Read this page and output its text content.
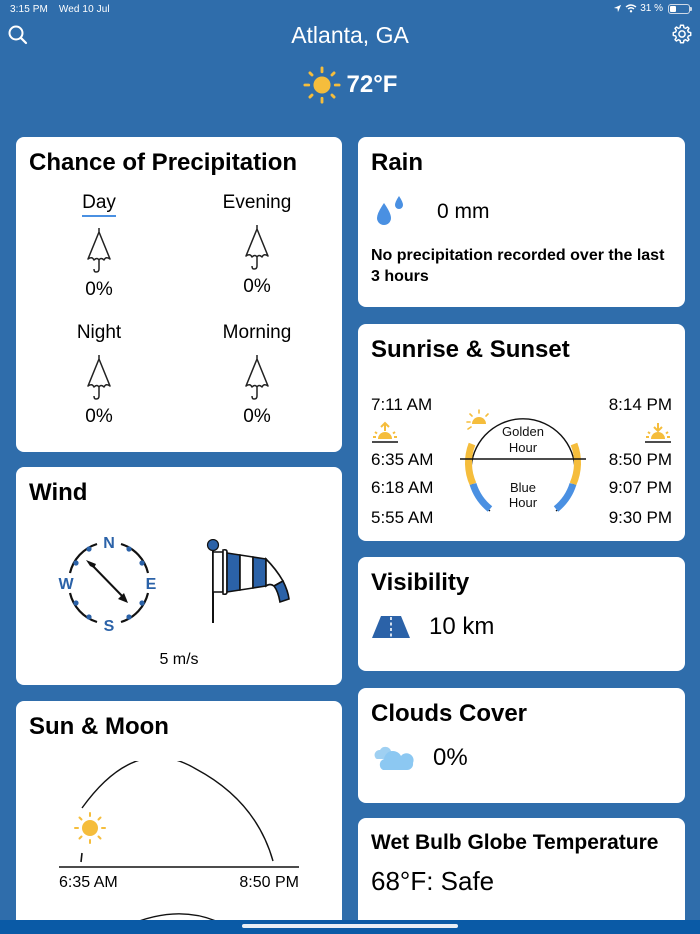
3:15 PM Wed 10 Jul	31 %
Atlanta, GA
72°F
Chance of Precipitation
Day
0%
Evening
0%
Night
0%
Morning
0%
Wind
N
E
S
W
5 m/s
Sun & Moon
6:35 AM	8:50 PM
Rain
0 mm
No precipitation recorded over the last 3 hours
Sunrise & Sunset
7:11 AM
6:35 AM
6:18 AM
5:55 AM
8:14 PM
8:50 PM
9:07 PM
9:30 PM
Golden
Hour
Blue
Hour
Visibility
10 km
Clouds Cover
0%
Wet Bulb Globe Temperature
68°F: Safe
